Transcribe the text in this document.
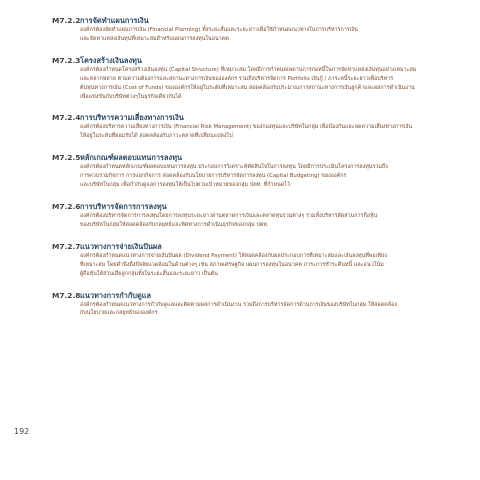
M7.2.2 การจัดทำแผนการเงิน

องค์กรต้องจัดทำแผนการเงิน (Financial Planning) ทั้งระยะสั้นและระยะยาวเพื่อใช้กำหนดแนวทางในการบริหารการเงิน

และจัดหาแหล่งเงินทุนที่เหมาะสมสำหรับแผนการลงทุนในอนาคต

M7.2.3 โครงสร้างเงินลงทุน

องค์กรต้องกำหนดโครงสร้างเงินลงทุน (Capital Structure) ที่เหมาะสม โดยมีการกำหนดเพดานการก่อหนี้ในการจัดหาแหล่งเงินทุนอย่างเหมาะสม

และหลากหลาย ตามความต้องการและสถานะทางการเงินขององค์กร รวมถึงบริหารจัดการ Portfolio เงินกู้ / ภาระหนี้ระยะยาวเพื่อบริหาร

ต้นทุนทางการเงิน (Cost of Funds) ขององค์กรให้อยู่ในระดับที่เหมาะสม สอดคล้องกับประมาณการสถานะทางการเงินลูกค้าและผลการดำเนินงาน

เพื่อแข่งขันกับบริษัทต่างๆในธุรกิจเดียวกันได้

M7.2.4 การบริหารความเสี่ยงทางการเงิน

องค์กรต้องบริหารความเสี่ยงทางการเงิน (Financial Risk Management) ของกองทุนและบริษัทในกลุ่ม เพื่อป้องกันและลดความเสี่ยงทางการเงิน

ให้อยู่ในระดับที่ยอมรับได้ สอดคล้องกับภาวะตลาดที่เปลี่ยนแปลงไป

M7.2.5 หลักเกณฑ์ผลตอบแทนการลงทุน

องค์กรต้องกำหนดหลักเกณฑ์ผลตอบแทนการลงทุน ประกอบการวิเคราะห์ตัดสินใจในการลงทุน โดยมีการประเมินโครงการลงทุนรวมถึง

การควบรวมกิจการ การแยกกิจการ สอดคล้องกับนโยบายการบริหารจัดการลงทุน (Capital Budgeting) ขององค์กร

และบริษัทในกลุ่ม เพื่อกำกับดูแลการลงทุนให้เป็นไปตามเป้าหมายของกลุ่ม ปตท. ที่กำหนดไว้

M7.2.6 การบริหารจัดการการลงทุน

องค์กรต้องบริหารจัดการการลงทุนโดยการลงทุนระยะยาวผ่านตลาดการเงินและตลาดทุนรวมต่างๆ รวมทั้งบริหารสัดส่วนการถือหุ้น

ของบริษัทในกลุ่มให้สอดคล้องกับกลยุทธ์และทิศทางการดำเนินธุรกิจของกลุ่ม ปตท.

M7.2.7 แนวทางการจ่ายเงินปันผล

องค์กรต้องกำหนดแนวทางการจ่ายเงินปันผล (Dividend Payment) ให้สอดคล้องกับผลประกอบการที่เหมาะสมและเงินลงทุนที่พอเพียง

ที่เหมาะสม โดยคำนึงถึงปัจจัยแวดล้อมในด้านต่างๆ เช่น สภาพเศรษฐกิจ แผนการลงทุนในอนาคต ภาระการชำระคืนหนี้ และแนวโน้ม

ผู้ถือหุ้นให้ส่วนเสี่ยลูกกลุ่มทั้งในระยะสั้นและระยะยาว เป็นต้น

M7.2.8 แนวทางการกำกับดูแล

องค์กรต้องกำหนดแนวทางการกำกับดูแลและติดตามผลการดำเนินงาน รวมถึงการบริหารจัดการด้านการเงินของบริษัทในกลุ่ม ให้สอดคล้อง

กับนโยบายและกลยุทธ์ขององค์กร

192
